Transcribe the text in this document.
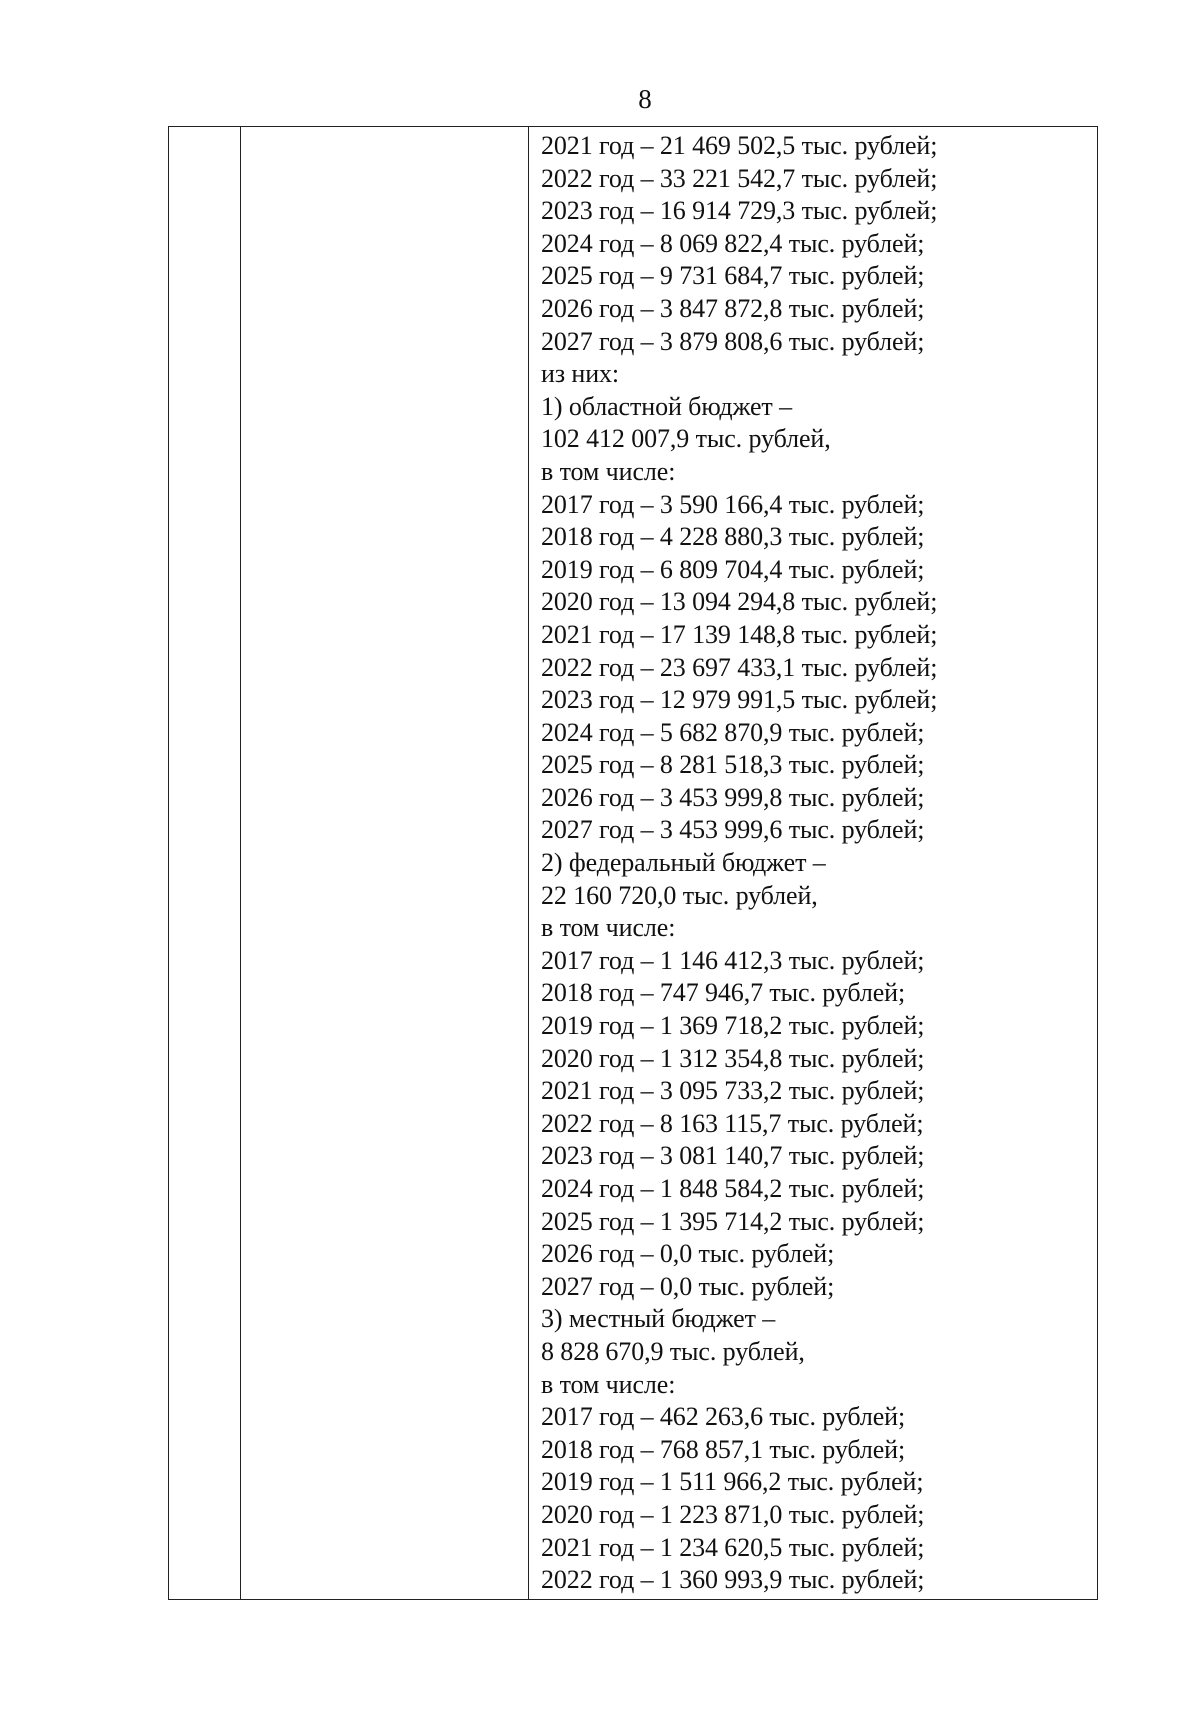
8
2021 год – 21 469 502,5 тыс. рублей;
2022 год – 33 221 542,7 тыс. рублей;
2023 год – 16 914 729,3 тыс. рублей;
2024 год – 8 069 822,4 тыс. рублей;
2025 год – 9 731 684,7 тыс. рублей;
2026 год – 3 847 872,8 тыс. рублей;
2027 год – 3 879 808,6 тыс. рублей;
из них:
1) областной бюджет –
102 412 007,9 тыс. рублей,
в том числе:
2017 год – 3 590 166,4 тыс. рублей;
2018 год – 4 228 880,3 тыс. рублей;
2019 год – 6 809 704,4 тыс. рублей;
2020 год – 13 094 294,8 тыс. рублей;
2021 год – 17 139 148,8 тыс. рублей;
2022 год – 23 697 433,1 тыс. рублей;
2023 год – 12 979 991,5 тыс. рублей;
2024 год – 5 682 870,9 тыс. рублей;
2025 год – 8 281 518,3 тыс. рублей;
2026 год – 3 453 999,8 тыс. рублей;
2027 год – 3 453 999,6 тыс. рублей;
2) федеральный бюджет –
22 160 720,0 тыс. рублей,
в том числе:
2017 год – 1 146 412,3 тыс. рублей;
2018 год – 747 946,7 тыс. рублей;
2019 год – 1 369 718,2 тыс. рублей;
2020 год – 1 312 354,8 тыс. рублей;
2021 год – 3 095 733,2 тыс. рублей;
2022 год – 8 163 115,7 тыс. рублей;
2023 год – 3 081 140,7 тыс. рублей;
2024 год – 1 848 584,2 тыс. рублей;
2025 год – 1 395 714,2 тыс. рублей;
2026 год – 0,0 тыс. рублей;
2027 год – 0,0 тыс. рублей;
3) местный бюджет –
8 828 670,9 тыс. рублей,
в том числе:
2017 год – 462 263,6 тыс. рублей;
2018 год – 768 857,1 тыс. рублей;
2019 год – 1 511 966,2 тыс. рублей;
2020 год – 1 223 871,0 тыс. рублей;
2021 год – 1 234 620,5 тыс. рублей;
2022 год – 1 360 993,9 тыс. рублей;
